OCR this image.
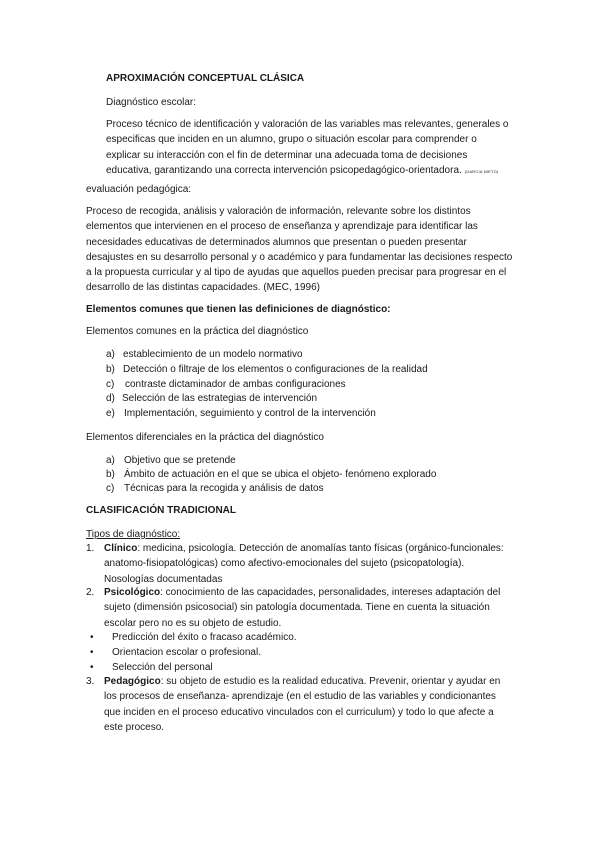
APROXIMACIÓN CONCEPTUAL CLÁSICA
Diagnóstico escolar:
Proceso técnico de identificación y valoración de las variables mas relevantes, generales o
especificas que inciden en un alumno, grupo o situación escolar para comprender o
explicar su interacción con el fin de determinar una adecuada toma de decisiones
educativa, garantizando una correcta intervención psicopedagógico-orientadora. (GARCIA NIETO)
evaluación pedagógica:
Proceso de recogida, análisis y valoración de información, relevante sobre los distintos
elementos que intervienen en el proceso de enseñanza y aprendizaje para identificar las
necesidades educativas de determinados alumnos que presentan o pueden presentar
desajustes en su desarrollo personal y o académico y para fundamentar las decisiones respecto
a la propuesta curricular y al tipo de ayudas que aquellos pueden precisar para progresar en el
desarrollo de las distintas capacidades. (MEC, 1996)
Elementos comunes que tienen las definiciones de diagnóstico:
Elementos comunes en la práctica del diagnóstico
a) establecimiento de un modelo normativo
b) Detección o filtraje de los elementos o configuraciones de la realidad
c) contraste dictaminador de ambas configuraciones
d) Selección de las estrategias de intervención
e) Implementación, seguimiento y control de la intervención
Elementos diferenciales en la práctica del diagnóstico
a) Objetivo que se pretende
b) Ámbito de actuación en el que se ubica el objeto- fenómeno explorado
c) Técnicas para la recogida y análisis de datos
CLASIFICACIÓN TRADICIONAL
Tipos de diagnóstico:
1. Clínico: medicina, psicología. Detección de anomalías tanto físicas (orgánico-funcionales:
anatomo-fisiopatológicas) como afectivo-emocionales del sujeto (psicopatología).
Nosologías documentadas
2. Psicológico: conocimiento de las capacidades, personalidades, intereses adaptación del
sujeto (dimensión psicosocial) sin patología documentada. Tiene en cuenta la situación
escolar pero no es su objeto de estudio.
• Predicción del éxito o fracaso académico.
• Orientacion escolar o profesional.
• Selección del personal
3. Pedagógico: su objeto de estudio es la realidad educativa. Prevenir, orientar y ayudar en
los procesos de enseñanza- aprendizaje (en el estudio de las variables y condicionantes
que inciden en el proceso educativo vinculados con el curriculum) y todo lo que afecte a
este proceso.
